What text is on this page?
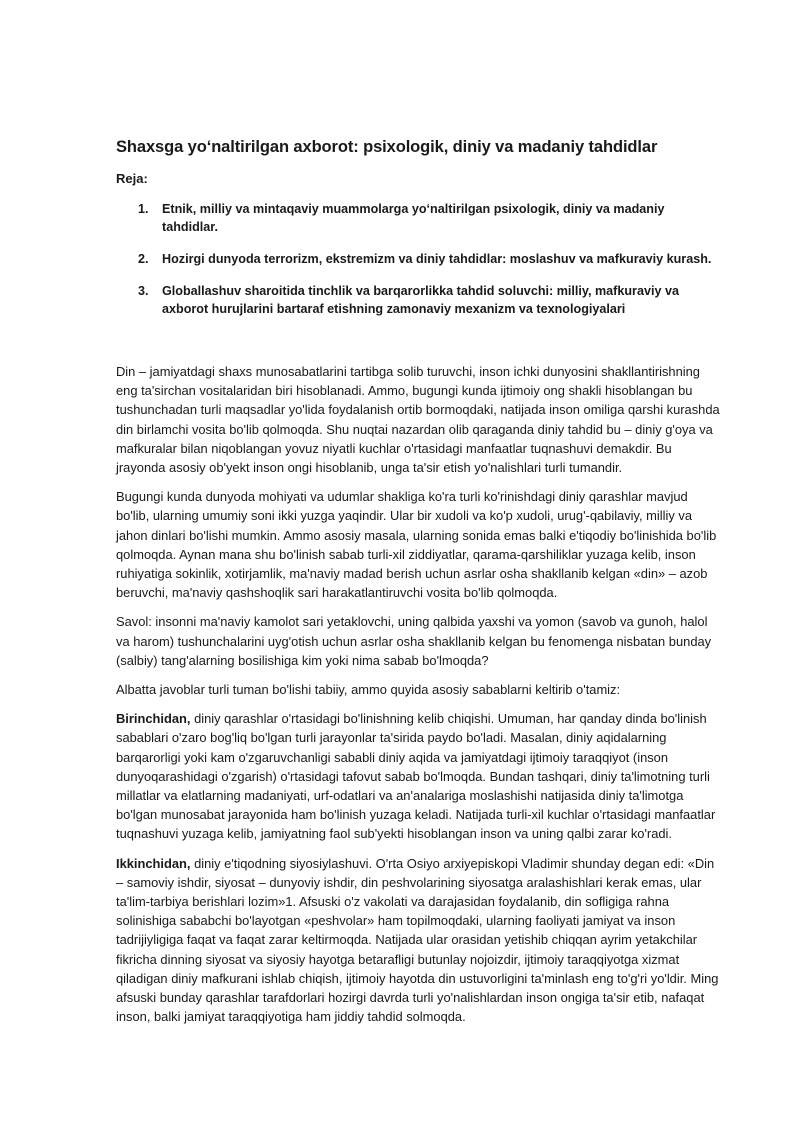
Shaxsga yo‘naltirilgan axborot: psixologik, diniy va madaniy tahdidlar
Reja:
1.	Etnik, milliy va mintaqaviy muammolarga yo‘naltirilgan psixologik, diniy va madaniy tahdidlar.
2.	Hozirgi dunyoda terrorizm, ekstremizm va diniy tahdidlar: moslashuv va mafkuraviy kurash.
3.	Globallashuv sharoitida tinchlik va barqarorlikka tahdid soluvchi: milliy, mafkuraviy va axborot hurujlarini bartaraf etishning zamonaviy mexanizm va texnologiyalari

Din – jamiyatdagi shaxs munosabatlarini tartibga solib turuvchi, inson ichki dunyosini shakllantirishning eng ta'sirchan vositalaridan biri hisoblanadi. Ammo, bugungi kunda ijtimoiy ong shakli hisoblangan bu tushunchadan turli maqsadlar yo'lida foydalanish ortib bormoqdaki, natijada inson omiliga qarshi kurashda din birlamchi vosita bo'lib qolmoqda. Shu nuqtai nazardan olib qaraganda diniy tahdid bu – diniy g'oya va mafkuralar bilan niqoblangan yovuz niyatli kuchlar o'rtasidagi manfaatlar tuqnashuvi demakdir. Bu jrayonda asosiy ob'yekt inson ongi hisoblanib, unga ta'sir etish yo'nalishlari turli tumandir.

Bugungi kunda dunyoda mohiyati va udumlar shakliga ko'ra turli ko'rinishdagi diniy qarashlar mavjud bo'lib, ularning umumiy soni ikki yuzga yaqindir. Ular bir xudoli va ko'p xudoli, urug'-qabilaviy, milliy va jahon dinlari bo'lishi mumkin. Ammo asosiy masala, ularning sonida emas balki e'tiqodiy bo'linishida bo'lib qolmoqda. Aynan mana shu bo'linish sabab turli-xil ziddiyatlar, qarama-qarshiliklar yuzaga kelib, inson ruhiyatiga sokinlik, xotirjamlik, ma'naviy madad berish uchun asrlar osha shakllanib kelgan «din» – azob beruvchi, ma'naviy qashshoqlik sari harakatlantiruvchi vosita bo'lib qolmoqda.

Savol: insonni ma'naviy kamolot sari yetaklovchi, uning qalbida yaxshi va yomon (savob va gunoh, halol va harom) tushunchalarini uyg'otish uchun asrlar osha shakllanib kelgan bu fenomenga nisbatan bunday (salbiy) tang'alarning bosilishiga kim yoki nima sabab bo'lmoqda?

Albatta javoblar turli tuman bo'lishi tabiiy, ammo quyida asosiy sabablarni keltirib o'tamiz:

Birinchidan, diniy qarashlar o'rtasidagi bo'linishning kelib chiqishi. Umuman, har qanday dinda bo'linish sabablari o'zaro bog'liq bo'lgan turli jarayonlar ta'sirida paydo bo'ladi. Masalan, diniy aqidalarning barqarorligi yoki kam o'zgaruvchanligi sababli diniy aqida va jamiyatdagi ijtimoiy taraqqiyot (inson dunyoqarashidagi o'zgarish) o'rtasidagi tafovut sabab bo'lmoqda. Bundan tashqari, diniy ta'limotning turli millatlar va elatlarning madaniyati, urf-odatlari va an'analariga moslashishi natijasida diniy ta'limotga bo'lgan munosabat jarayonida ham bo'linish yuzaga keladi. Natijada turli-xil kuchlar o'rtasidagi manfaatlar tuqnashuvi yuzaga kelib, jamiyatning faol sub'yekti hisoblangan inson va uning qalbi zarar ko'radi.

Ikkinchidan, diniy e'tiqodning siyosiylashuvi. O'rta Osiyo arxiyepiskopi Vladimir shunday degan edi: «Din – samoviy ishdir, siyosat – dunyoviy ishdir, din peshvolarining siyosatga aralashishlari kerak emas, ular ta'lim-tarbiya berishlari lozim»1. Afsuski o'z vakolati va darajasidan foydalanib, din sofligiga rahna solinishiga sababchi bo'layotgan «peshvolar» ham topilmoqdaki, ularning faoliyati jamiyat va inson tadrijiyligiga faqat va faqat zarar keltirmoqda. Natijada ular orasidan yetishib chiqqan ayrim yetakchilar fikricha dinning siyosat va siyosiy hayotga betarafligi butunlay nojoizdir, ijtimoiy taraqqiyotga xizmat qiladigan diniy mafkurani ishlab chiqish, ijtimoiy hayotda din ustuvorligini ta'minlash eng to'g'ri yo'ldir. Ming afsuski bunday qarashlar tarafdorlari hozirgi davrda turli yo'nalishlardan inson ongiga ta'sir etib, nafaqat inson, balki jamiyat taraqqiyotiga ham jiddiy tahdid solmoqda.
